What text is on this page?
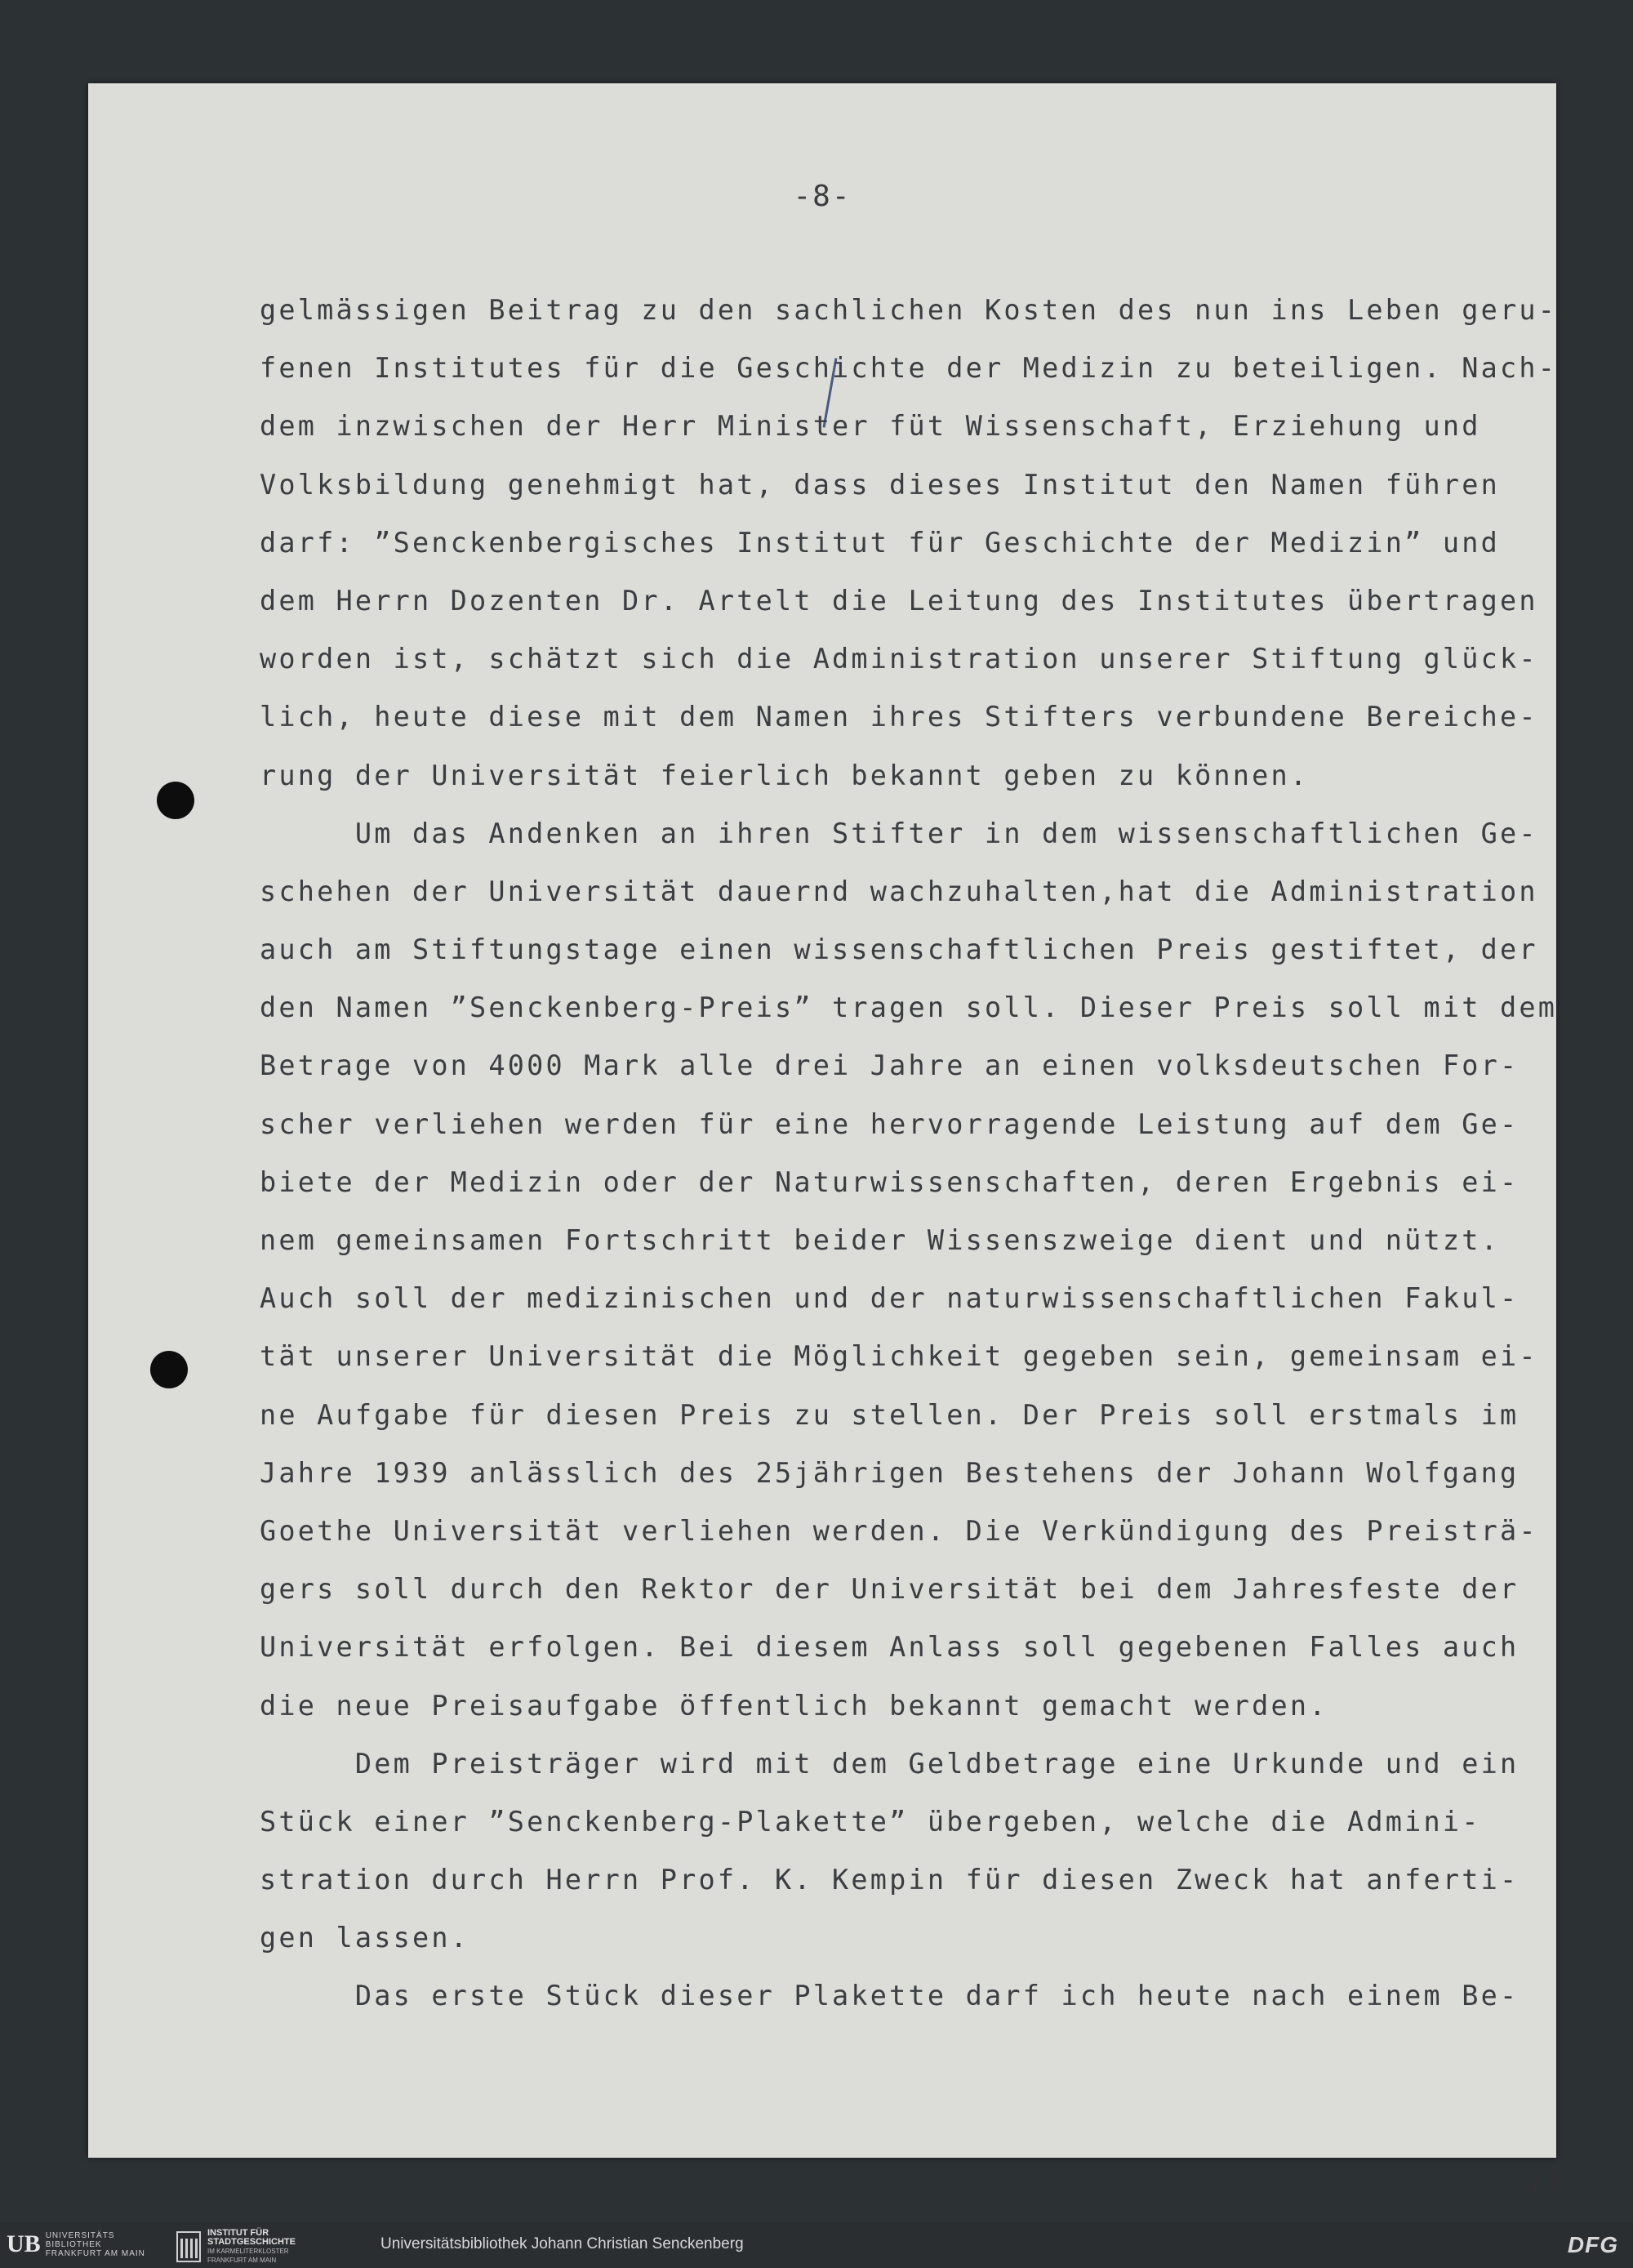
-8-
gelmässigen Beitrag zu den sachlichen Kosten des nun ins Leben geru-
fenen Institutes für die Geschichte der Medizin zu beteiligen. Nach-
dem inzwischen der Herr Minister füt Wissenschaft, Erziehung und
Volksbildung genehmigt hat, dass dieses Institut den Namen führen
darf: ”Senckenbergisches Institut für Geschichte der Medizin” und
dem Herrn Dozenten Dr. Artelt die Leitung des Institutes übertragen
worden ist, schätzt sich die Administration unserer Stiftung glück-
lich, heute diese mit dem Namen ihres Stifters verbundene Bereiche-
rung der Universität feierlich bekannt geben zu können.
Um das Andenken an ihren Stifter in dem wissenschaftlichen Ge-
schehen der Universität dauernd wachzuhalten,hat die Administration
auch am Stiftungstage einen wissenschaftlichen Preis gestiftet, der
den Namen ”Senckenberg-Preis” tragen soll. Dieser Preis soll mit dem
Betrage von 4000 Mark alle drei Jahre an einen volksdeutschen For-
scher verliehen werden für eine hervorragende Leistung auf dem Ge-
biete der Medizin oder der Naturwissenschaften, deren Ergebnis ei-
nem gemeinsamen Fortschritt beider Wissenszweige dient und nützt.
Auch soll der medizinischen und der naturwissenschaftlichen Fakul-
tät unserer Universität die Möglichkeit gegeben sein, gemeinsam ei-
ne Aufgabe für diesen Preis zu stellen. Der Preis soll erstmals im
Jahre 1939 anlässlich des 25jährigen Bestehens der Johann Wolfgang
Goethe Universität verliehen werden. Die Verkündigung des Preisträ-
gers soll durch den Rektor der Universität bei dem Jahresfeste der
Universität erfolgen. Bei diesem Anlass soll gegebenen Falles auch
die neue Preisaufgabe öffentlich bekannt gemacht werden.
Dem Preisträger wird mit dem Geldbetrage eine Urkunde und ein
Stück einer ”Senckenberg-Plakette” übergeben, welche die Admini-
stration durch Herrn Prof. K. Kempin für diesen Zweck hat anferti-
gen lassen.
Das erste Stück dieser Plakette darf ich heute nach einem Be-
11
UB UNIVERSITÄTS
BIBLIOTHEK
FRANKFURT AM MAIN
INSTITUT FÜR
STADTGESCHICHTE
IM KARMELITERKLOSTER
FRANKFURT AM MAIN
Universitätsbibliothek Johann Christian Senckenberg	DFG
